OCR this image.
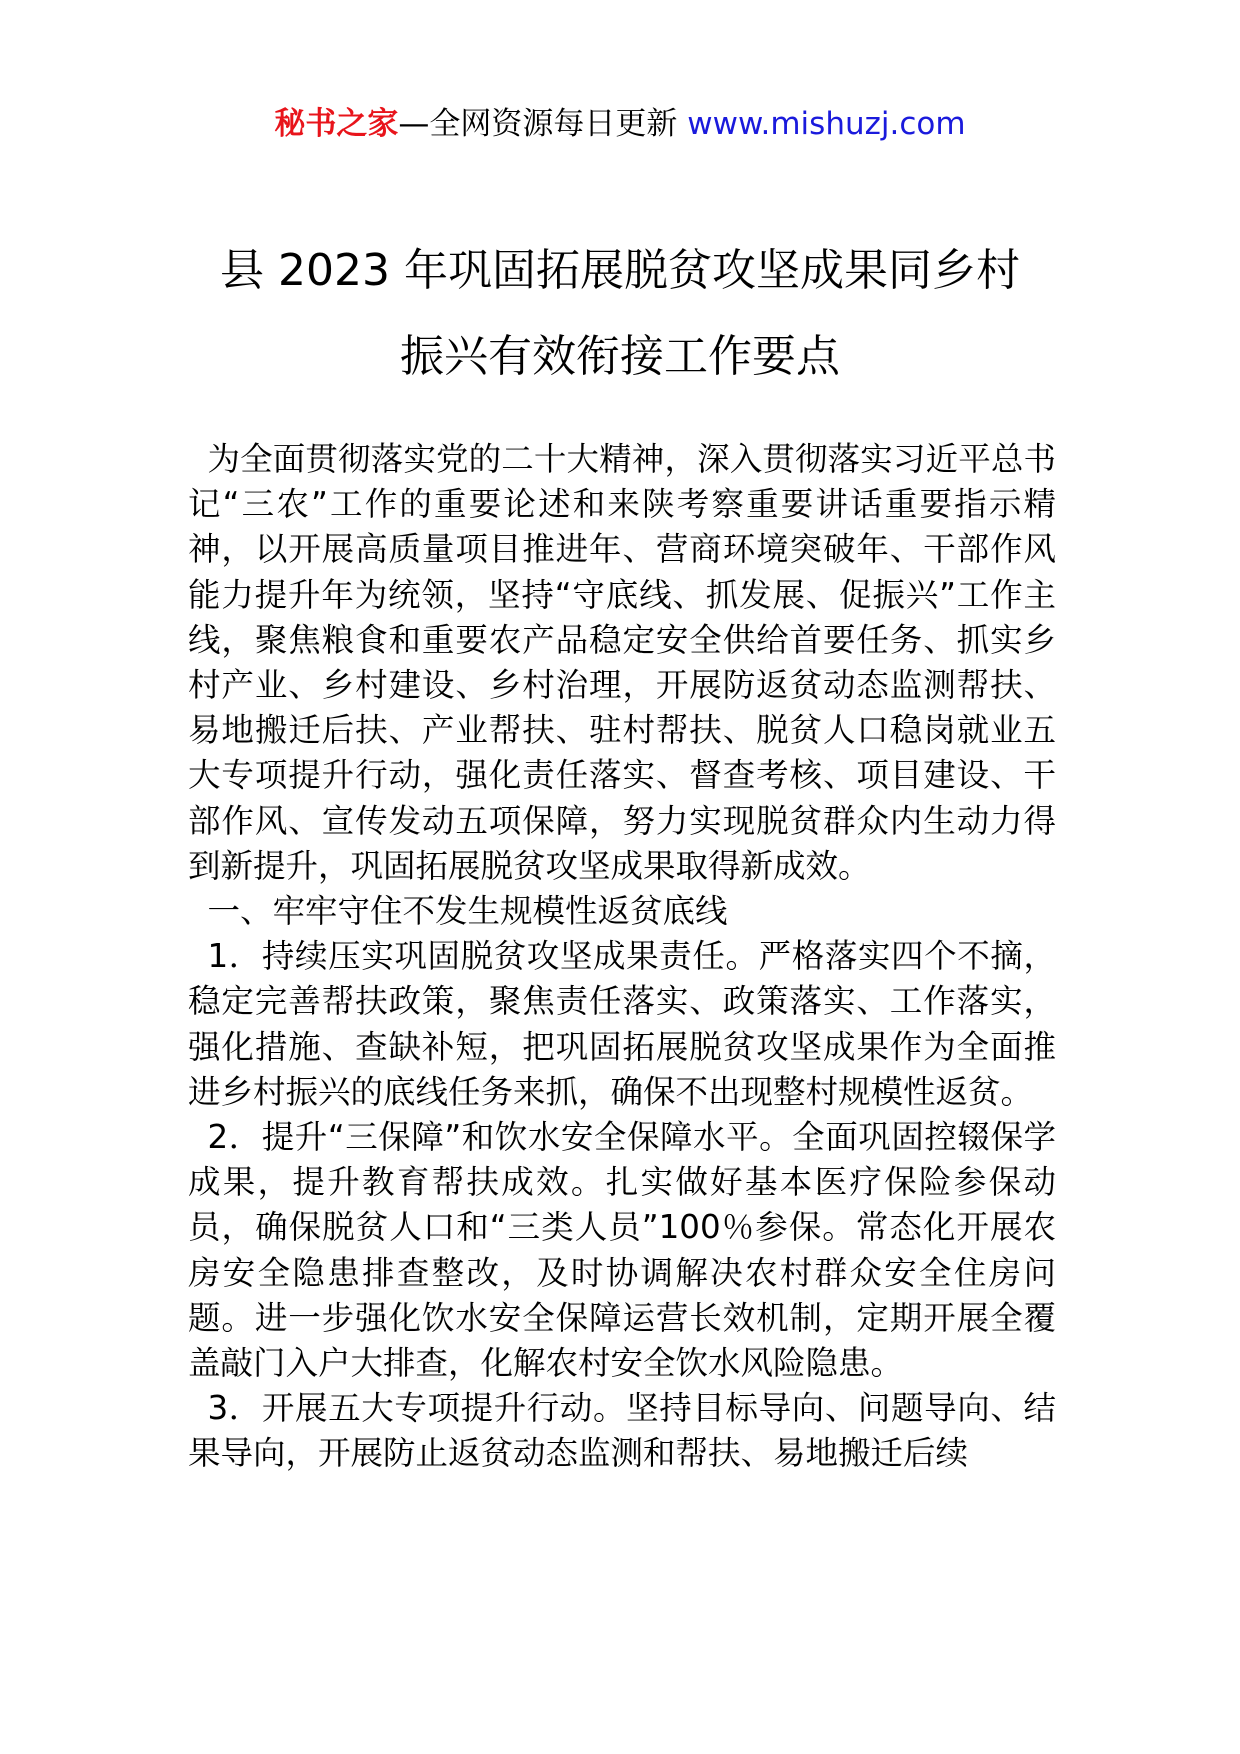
秘书之家—全网资源每日更新 www.mishuzj.com
县 2023 年巩固拓展脱贫攻坚成果同乡村
振兴有效衔接工作要点

为全面贯彻落实党的二十大精神，深入贯彻落实习近平总书记“三农”工作的重要论述和来陕考察重要讲话重要指示精神，以开展高质量项目推进年、营商环境突破年、干部作风能力提升年为统领，坚持“守底线、抓发展、促振兴”工作主线，聚焦粮食和重要农产品稳定安全供给首要任务、抓实乡村产业、乡村建设、乡村治理，开展防返贫动态监测帮扶、易地搬迁后扶、产业帮扶、驻村帮扶、脱贫人口稳岗就业五大专项提升行动，强化责任落实、督查考核、项目建设、干部作风、宣传发动五项保障，努力实现脱贫群众内生动力得到新提升，巩固拓展脱贫攻坚成果取得新成效。

一、牢牢守住不发生规模性返贫底线

1．持续压实巩固脱贫攻坚成果责任。严格落实四个不摘，稳定完善帮扶政策，聚焦责任落实、政策落实、工作落实，强化措施、查缺补短，把巩固拓展脱贫攻坚成果作为全面推进乡村振兴的底线任务来抓，确保不出现整村规模性返贫。

2．提升“三保障”和饮水安全保障水平。全面巩固控辍保学成果，提升教育帮扶成效。扎实做好基本医疗保险参保动员，确保脱贫人口和“三类人员”100％参保。常态化开展农房安全隐患排查整改，及时协调解决农村群众安全住房问题。进一步强化饮水安全保障运营长效机制，定期开展全覆盖敲门入户大排查，化解农村安全饮水风险隐患。

3．开展五大专项提升行动。坚持目标导向、问题导向、结果导向，开展防止返贫动态监测和帮扶、易地搬迁后续
